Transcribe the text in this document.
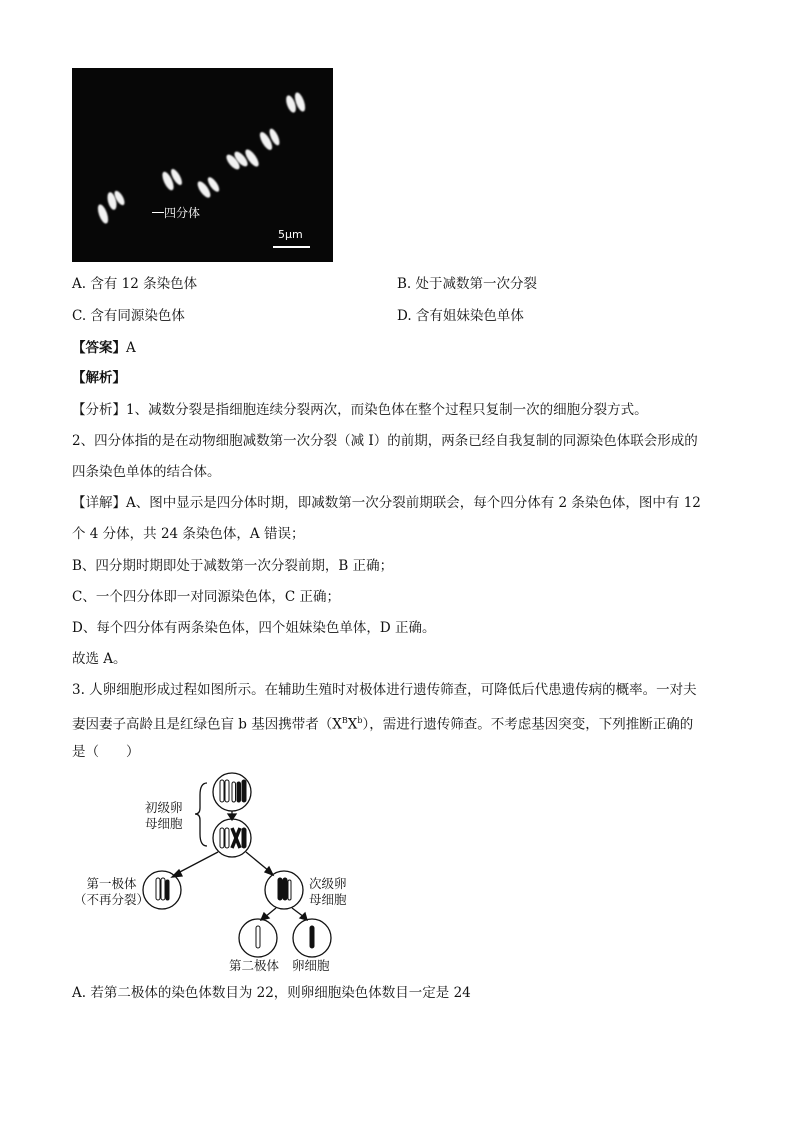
四分体
5μm
A. 含有 12 条染色体	B. 处于减数第一次分裂
C. 含有同源染色体	D. 含有姐妹染色单体
【答案】A
【解析】
【分析】1、减数分裂是指细胞连续分裂两次，而染色体在整个过程只复制一次的细胞分裂方式。
2、四分体指的是在动物细胞减数第一次分裂（减 I）的前期，两条已经自我复制的同源染色体联会形成的
四条染色单体的结合体。
【详解】A、图中显示是四分体时期，即减数第一次分裂前期联会，每个四分体有 2 条染色体，图中有 12
个 4 分体，共 24 条染色体，A 错误；
B、四分期时期即处于减数第一次分裂前期，B 正确；
C、一个四分体即一对同源染色体，C 正确；
D、每个四分体有两条染色体，四个姐妹染色单体，D 正确。
故选 A。
3. 人卵细胞形成过程如图所示。在辅助生殖时对极体进行遗传筛查，可降低后代患遗传病的概率。一对夫
妻因妻子高龄且是红绿色盲 b 基因携带者$(X^BX^b)$，需进行遗传筛查。不考虑基因突变，下列推断正确的
是（　　）
初级卵
母细胞
第一极体
（不再分裂）
次级卵
母细胞
第二极体 卵细胞
A. 若第二极体的染色体数目为 22，则卵细胞染色体数目一定是 24
